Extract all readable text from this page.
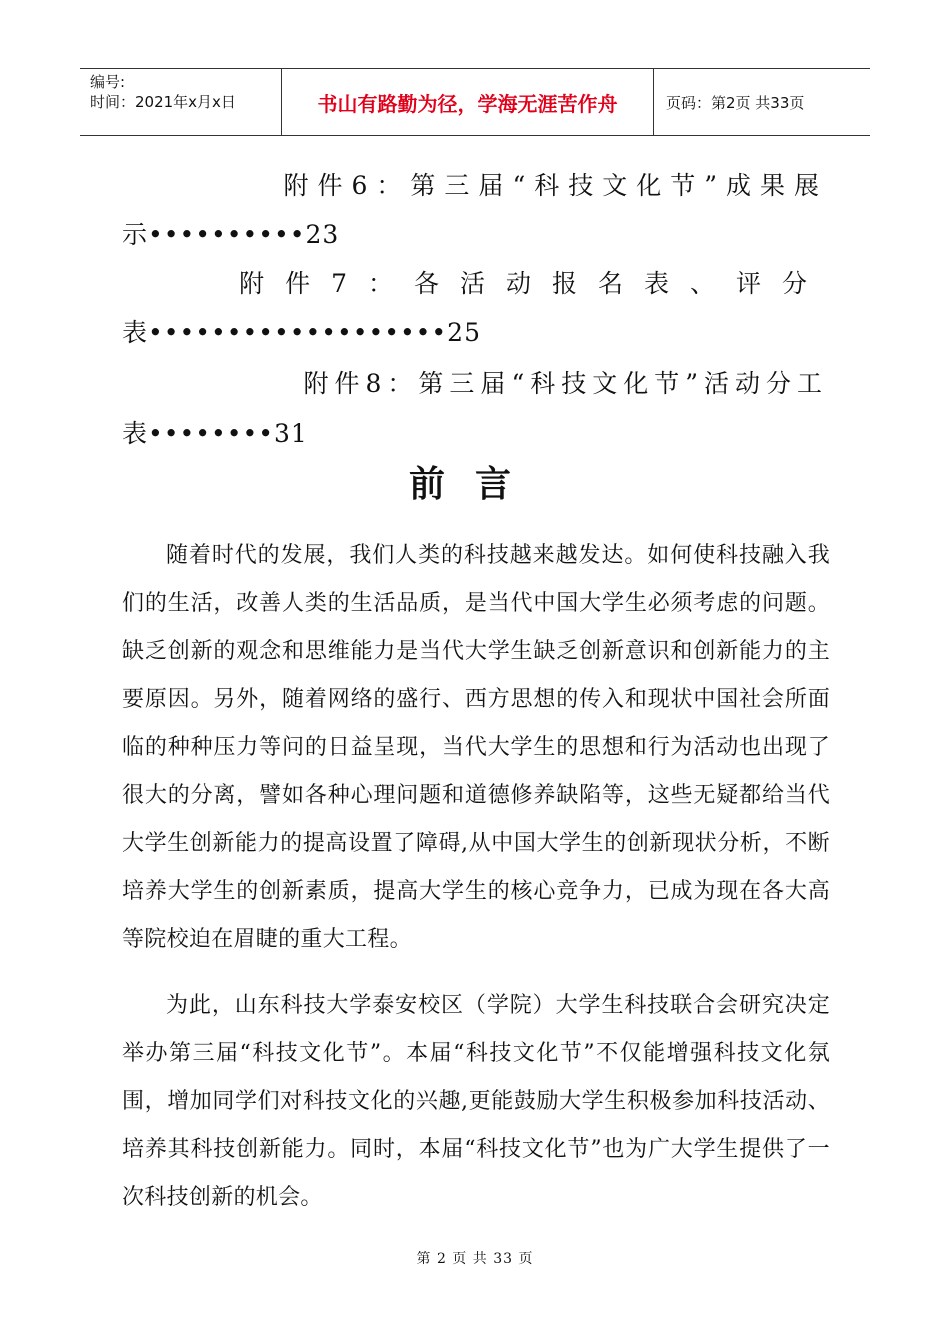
编号:
时间：2021年x月x日	书山有路勤为径，学海无涯苦作舟	页码：第2页 共33页
附件6：第三届“科技文化节”成果展
示••••••••••23
附件7：各活动报名表、评分
表•••••••••••••••••••25
附件8：第三届“科技文化节”活动分工
表••••••••31
前言
随着时代的发展，我们人类的科技越来越发达。如何使科技融入我们的生活，改善人类的生活品质，是当代中国大学生必须考虑的问题。缺乏创新的观念和思维能力是当代大学生缺乏创新意识和创新能力的主要原因。另外，随着网络的盛行、西方思想的传入和现状中国社会所面临的种种压力等问的日益呈现，当代大学生的思想和行为活动也出现了很大的分离，譬如各种心理问题和道德修养缺陷等，这些无疑都给当代大学生创新能力的提高设置了障碍,从中国大学生的创新现状分析，不断培养大学生的创新素质，提高大学生的核心竞争力，已成为现在各大高等院校迫在眉睫的重大工程。
为此，山东科技大学泰安校区（学院）大学生科技联合会研究决定举办第三届“科技文化节”。本届“科技文化节”不仅能增强科技文化氛围，增加同学们对科技文化的兴趣,更能鼓励大学生积极参加科技活动、培养其科技创新能力。同时，本届“科技文化节”也为广大学生提供了一次科技创新的机会。
第 2 页 共 33 页
